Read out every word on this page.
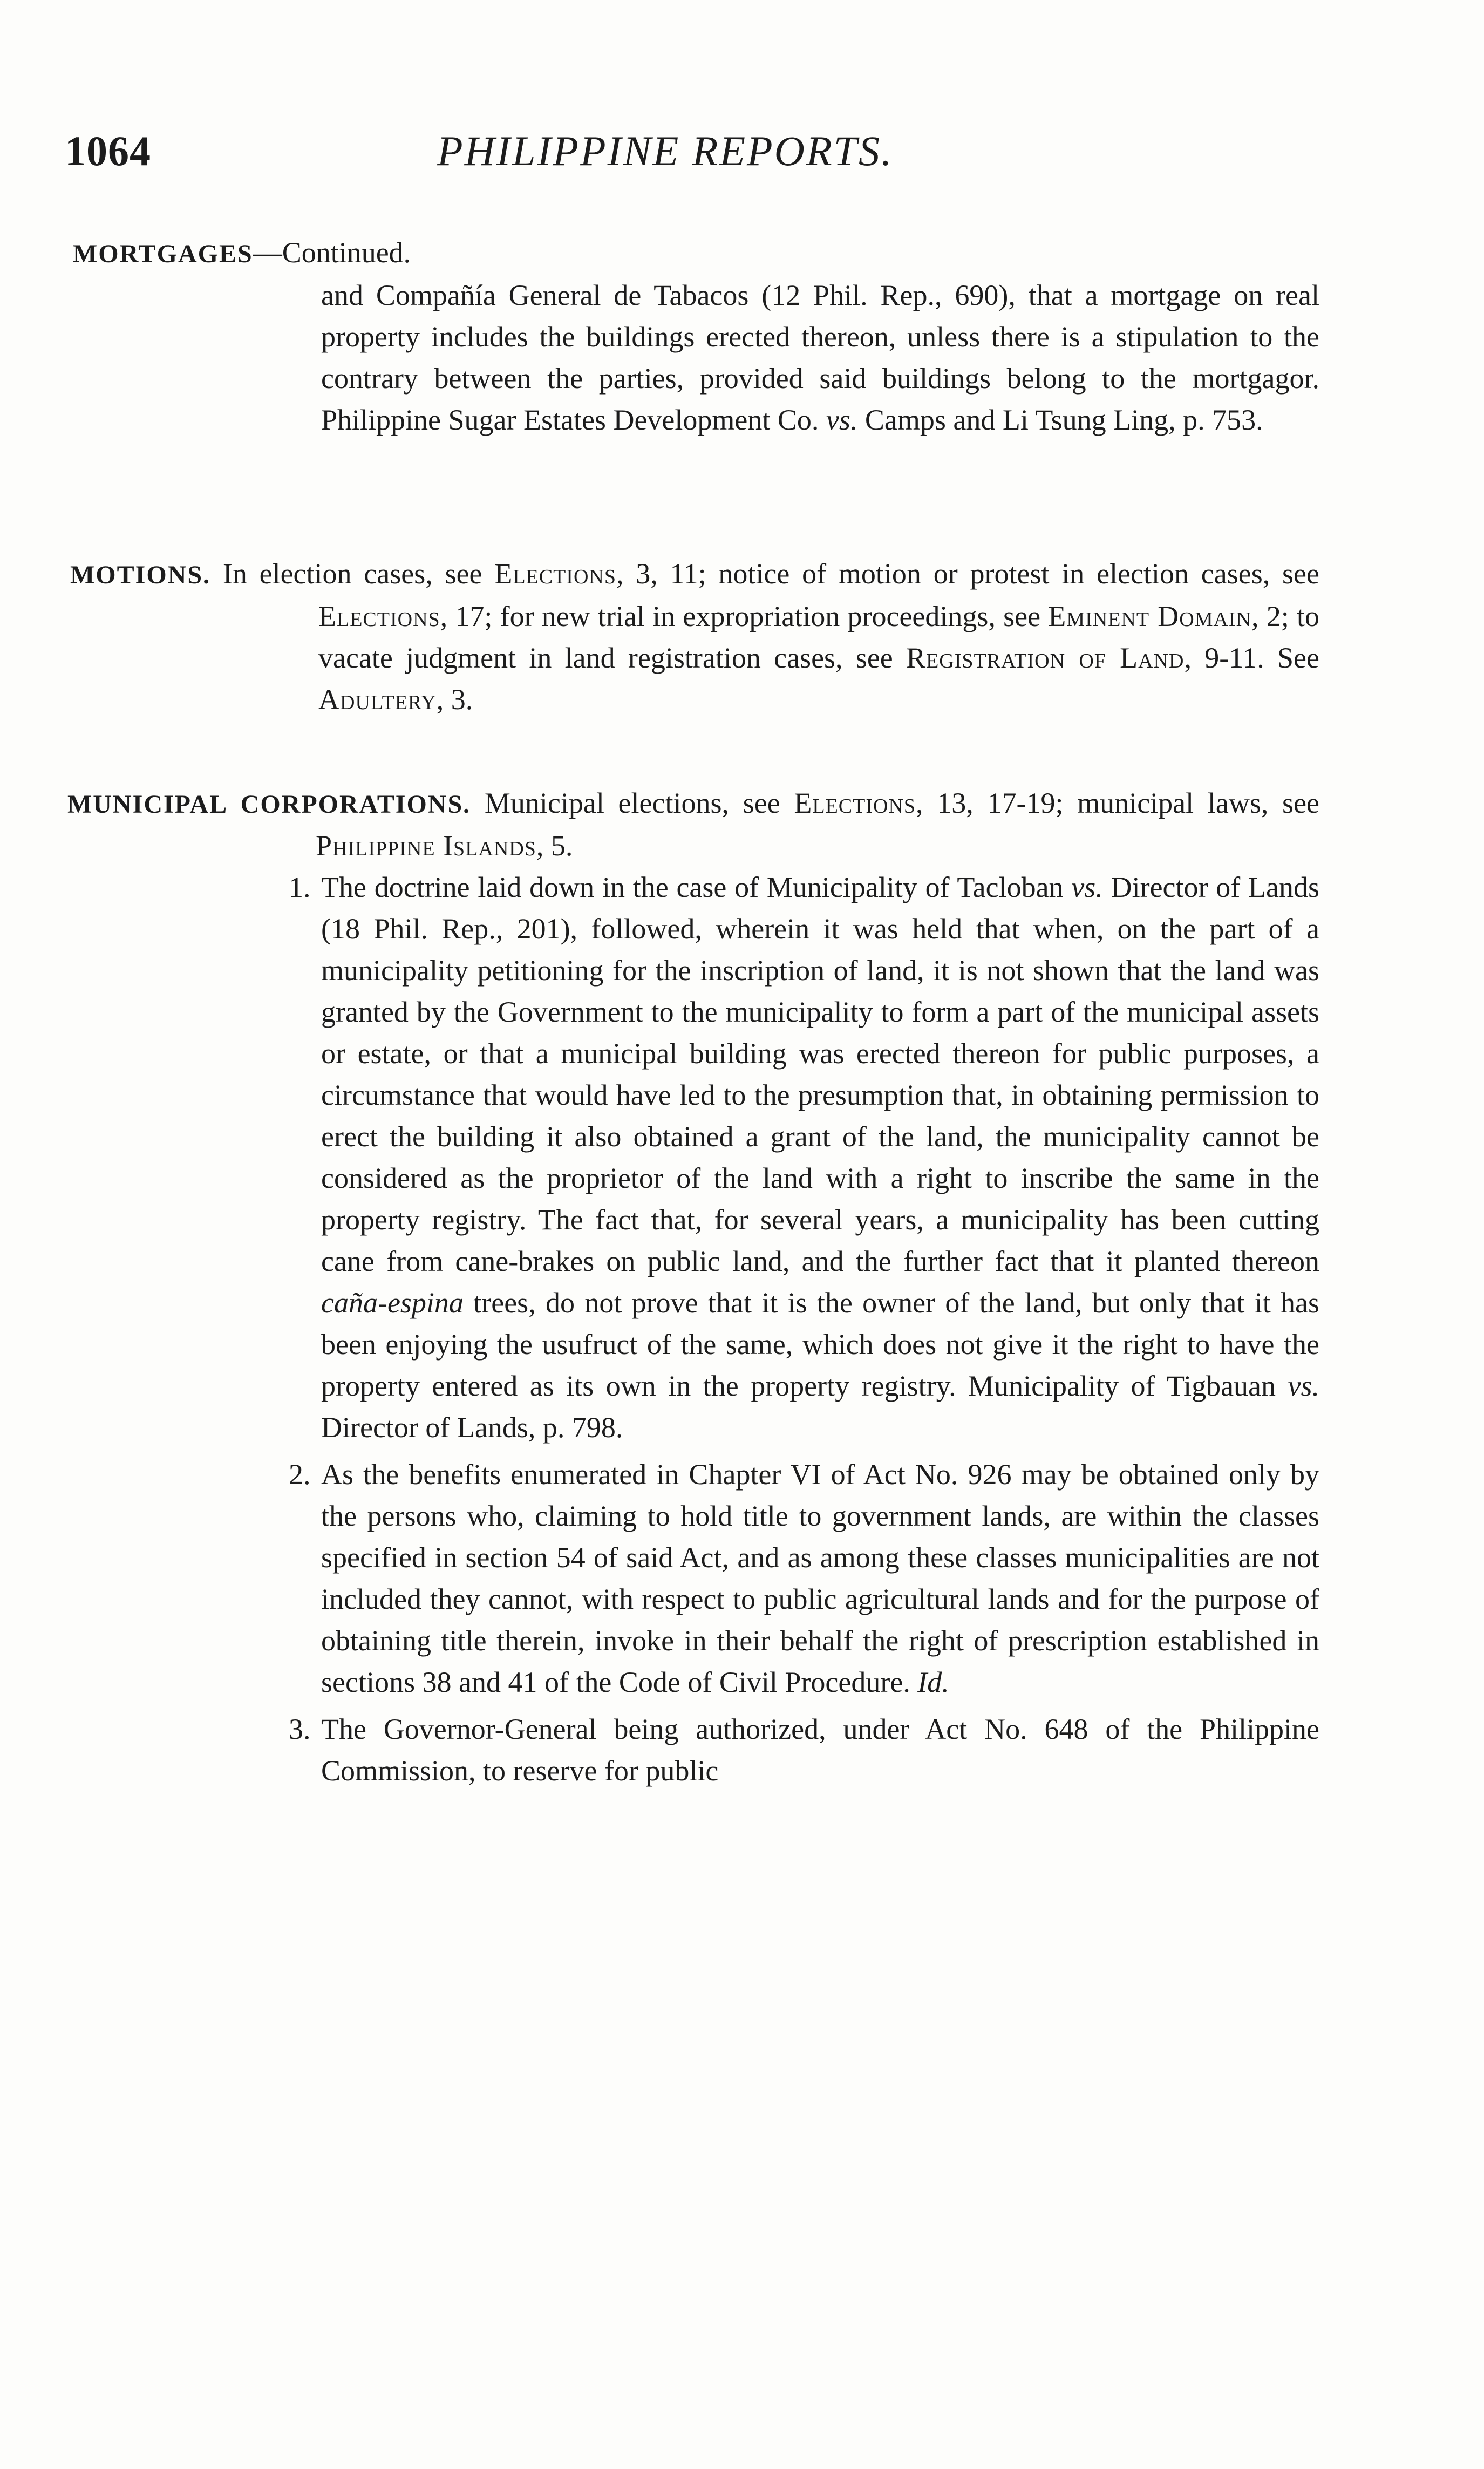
1064	PHILIPPINE REPORTS.

MORTGAGES—Continued.

and Compañía General de Tabacos (12 Phil. Rep., 690), that a mortgage on real property includes the buildings erected thereon, unless there is a stipulation to the contrary between the parties, provided said buildings belong to the mortgagor. Philippine Sugar Estates Development Co. vs. Camps and Li Tsung Ling, p. 753.

MOTIONS. In election cases, see Elections, 3, 11; notice of motion or protest in election cases, see Elections, 17; for new trial in expropriation proceedings, see Eminent Domain, 2; to vacate judgment in land registration cases, see Registration of Land, 9-11. See Adultery, 3.

MUNICIPAL CORPORATIONS. Municipal elections, see Elections, 13, 17-19; municipal laws, see Philippine Islands, 5.

1. The doctrine laid down in the case of Municipality of Tacloban vs. Director of Lands (18 Phil. Rep., 201), followed, wherein it was held that when, on the part of a municipality petitioning for the inscription of land, it is not shown that the land was granted by the Government to the municipality to form a part of the municipal assets or estate, or that a municipal building was erected thereon for public purposes, a circumstance that would have led to the presumption that, in obtaining permission to erect the building it also obtained a grant of the land, the municipality cannot be considered as the proprietor of the land with a right to inscribe the same in the property registry. The fact that, for several years, a municipality has been cutting cane from cane-brakes on public land, and the further fact that it planted thereon caña-espina trees, do not prove that it is the owner of the land, but only that it has been enjoying the usufruct of the same, which does not give it the right to have the property entered as its own in the property registry. Municipality of Tigbauan vs. Director of Lands, p. 798.

2. As the benefits enumerated in Chapter VI of Act No. 926 may be obtained only by the persons who, claiming to hold title to government lands, are within the classes specified in section 54 of said Act, and as among these classes municipalities are not included they cannot, with respect to public agricultural lands and for the purpose of obtaining title therein, invoke in their behalf the right of prescription established in sections 38 and 41 of the Code of Civil Procedure. Id.

3. The Governor-General being authorized, under Act No. 648 of the Philippine Commission, to reserve for public
